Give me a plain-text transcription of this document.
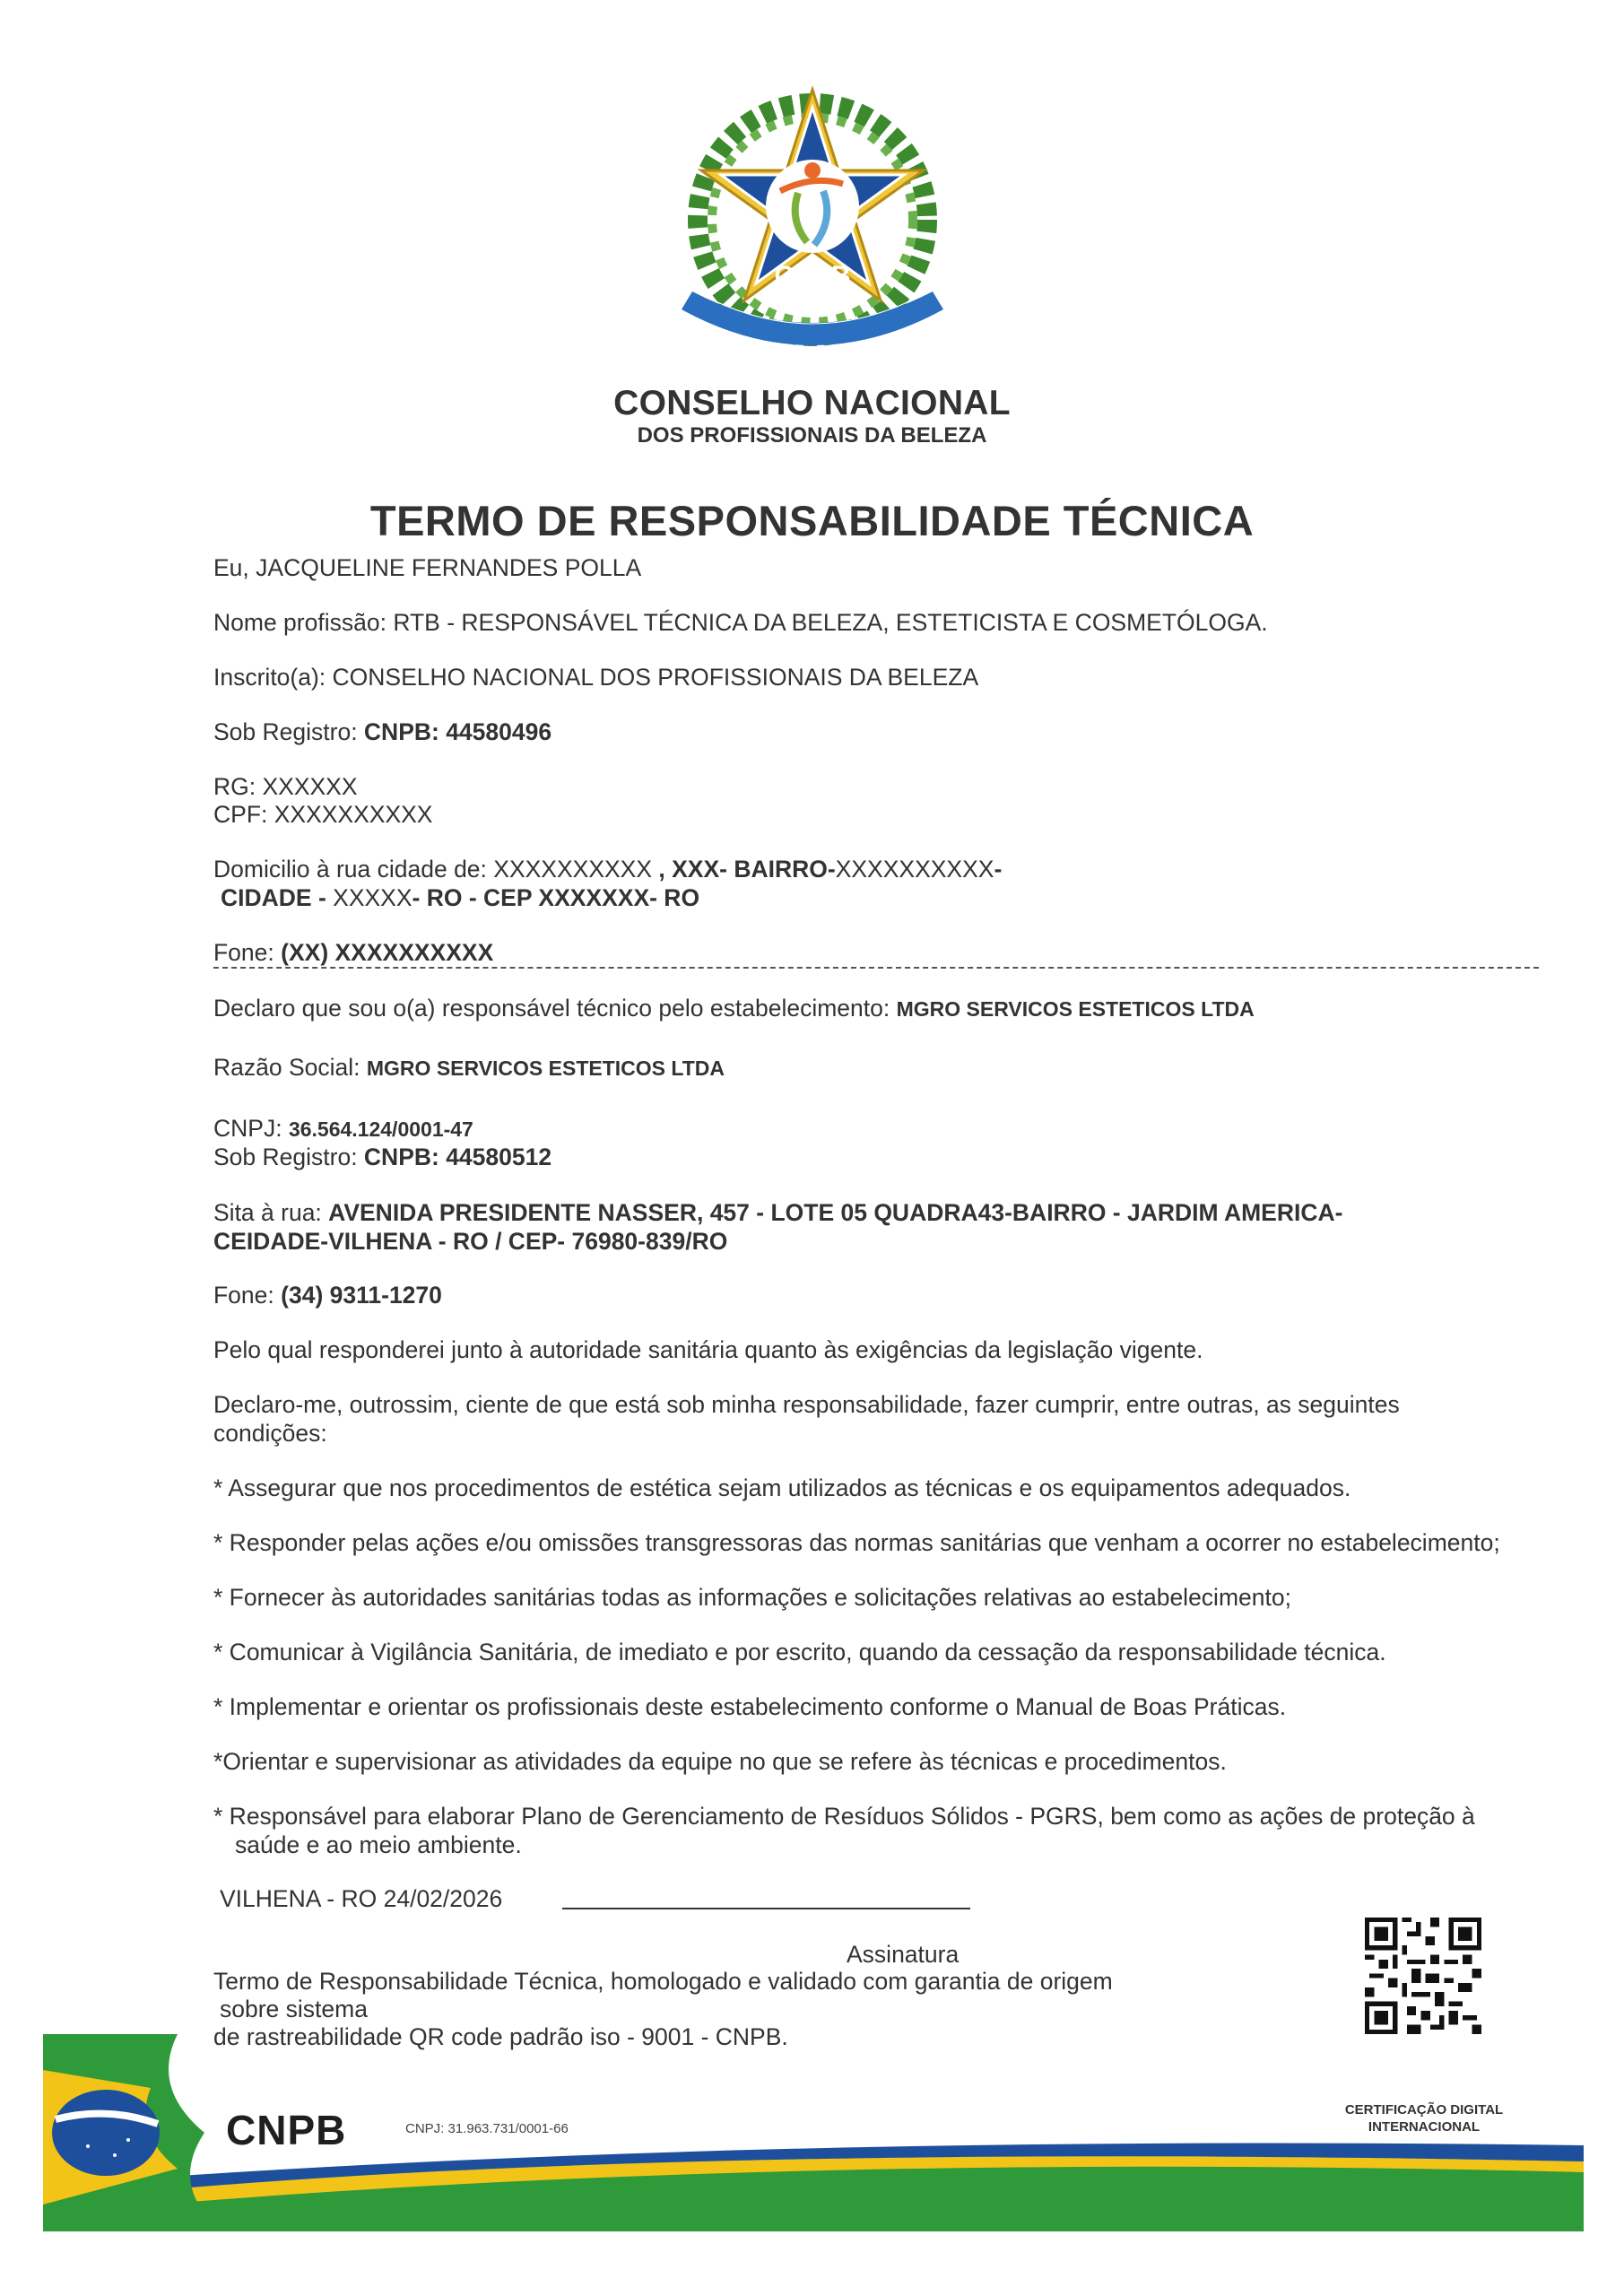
CNPB
CONSELHO NACIONAL
DOS PROFISSIONAIS DA BELEZA
TERMO DE RESPONSABILIDADE TÉCNICA
Eu, JACQUELINE FERNANDES POLLA
Nome profissão: RTB - RESPONSÁVEL TÉCNICA DA BELEZA, ESTETICISTA E COSMETÓLOGA.
Inscrito(a): CONSELHO NACIONAL DOS PROFISSIONAIS DA BELEZA
Sob Registro: CNPB: 44580496
RG: XXXXXX
CPF: XXXXXXXXXX
Domicilio à rua cidade de: XXXXXXXXXX , XXX- BAIRRO-XXXXXXXXXX-
CIDADE - XXXXX- RO - CEP XXXXXXX- RO
Fone: (XX) XXXXXXXXXX
Declaro que sou o(a) responsável técnico pelo estabelecimento: MGRO SERVICOS ESTETICOS LTDA
Razão Social: MGRO SERVICOS ESTETICOS LTDA
CNPJ: 36.564.124/0001-47
Sob Registro: CNPB: 44580512
Sita à rua: AVENIDA PRESIDENTE NASSER, 457 - LOTE 05 QUADRA43-BAIRRO - JARDIM AMERICA-
CEIDADE-VILHENA - RO / CEP- 76980-839/RO
Fone: (34) 9311-1270
Pelo qual responderei junto à autoridade sanitária quanto às exigências da legislação vigente.
Declaro-me, outrossim, ciente de que está sob minha responsabilidade, fazer cumprir, entre outras, as seguintes
condições:
* Assegurar que nos procedimentos de estética sejam utilizados as técnicas e os equipamentos adequados.
* Responder pelas ações e/ou omissões transgressoras das normas sanitárias que venham a ocorrer no estabelecimento;
* Fornecer às autoridades sanitárias todas as informações e solicitações relativas ao estabelecimento;
* Comunicar à Vigilância Sanitária, de imediato e por escrito, quando da cessação da responsabilidade técnica.
* Implementar e orientar os profissionais deste estabelecimento conforme o Manual de Boas Práticas.
*Orientar e supervisionar as atividades da equipe no que se refere às técnicas e procedimentos.
* Responsável para elaborar Plano de Gerenciamento de Resíduos Sólidos - PGRS, bem como as ações de proteção à
saúde e ao meio ambiente.
VILHENA - RO 24/02/2026
Assinatura
Termo de Responsabilidade Técnica, homologado e validado com garantia de origem
sobre sistema
de rastreabilidade QR code padrão iso - 9001 - CNPB.
CERTIFICAÇÃO DIGITAL
INTERNACIONAL
CNPB	CNPJ: 31.963.731/0001-66
